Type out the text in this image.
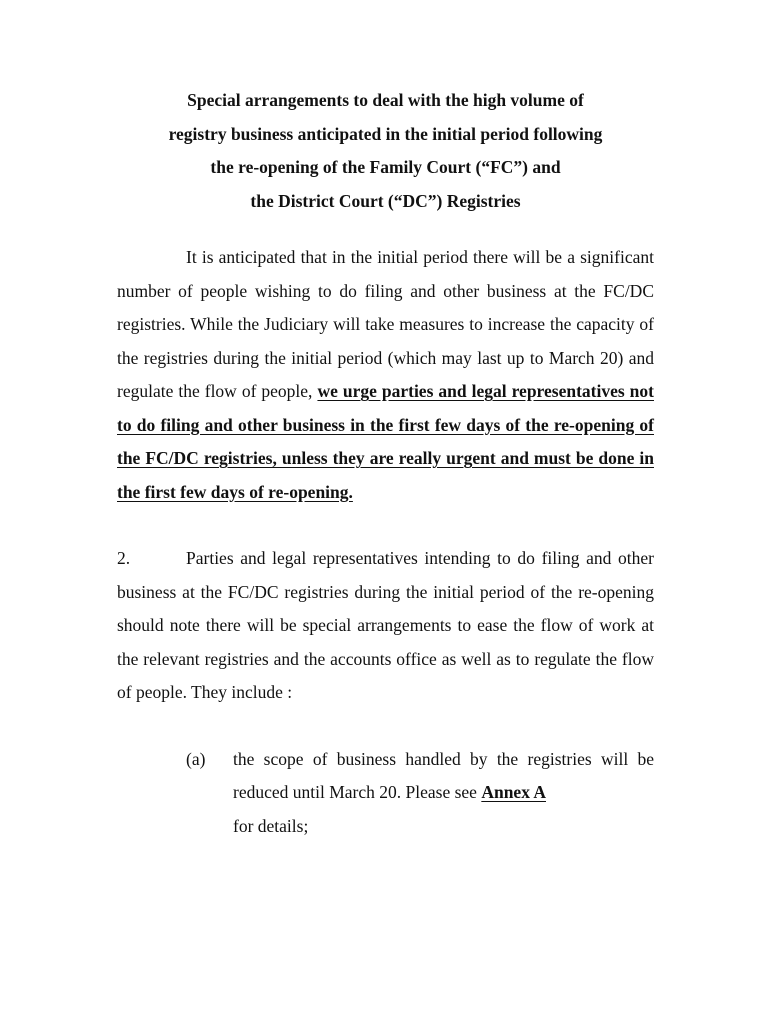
Special arrangements to deal with the high volume of
registry business anticipated in the initial period following
the re-opening of the Family Court (“FC”) and
the District Court (“DC”) Registries

It is anticipated that in the initial period there will be a significant number of people wishing to do filing and other business at the FC/DC registries. While the Judiciary will take measures to increase the capacity of the registries during the initial period (which may last up to March 20) and regulate the flow of people, we urge parties and legal representatives not to do filing and other business in the first few days of the re-opening of the FC/DC registries, unless they are really urgent and must be done in the first few days of re-opening.

2.	Parties and legal representatives intending to do filing and other business at the FC/DC registries during the initial period of the re-opening should note there will be special arrangements to ease the flow of work at the relevant registries and the accounts office as well as to regulate the flow of people. They include :

(a) the scope of business handled by the registries will be reduced until March 20. Please see Annex A
for details;
